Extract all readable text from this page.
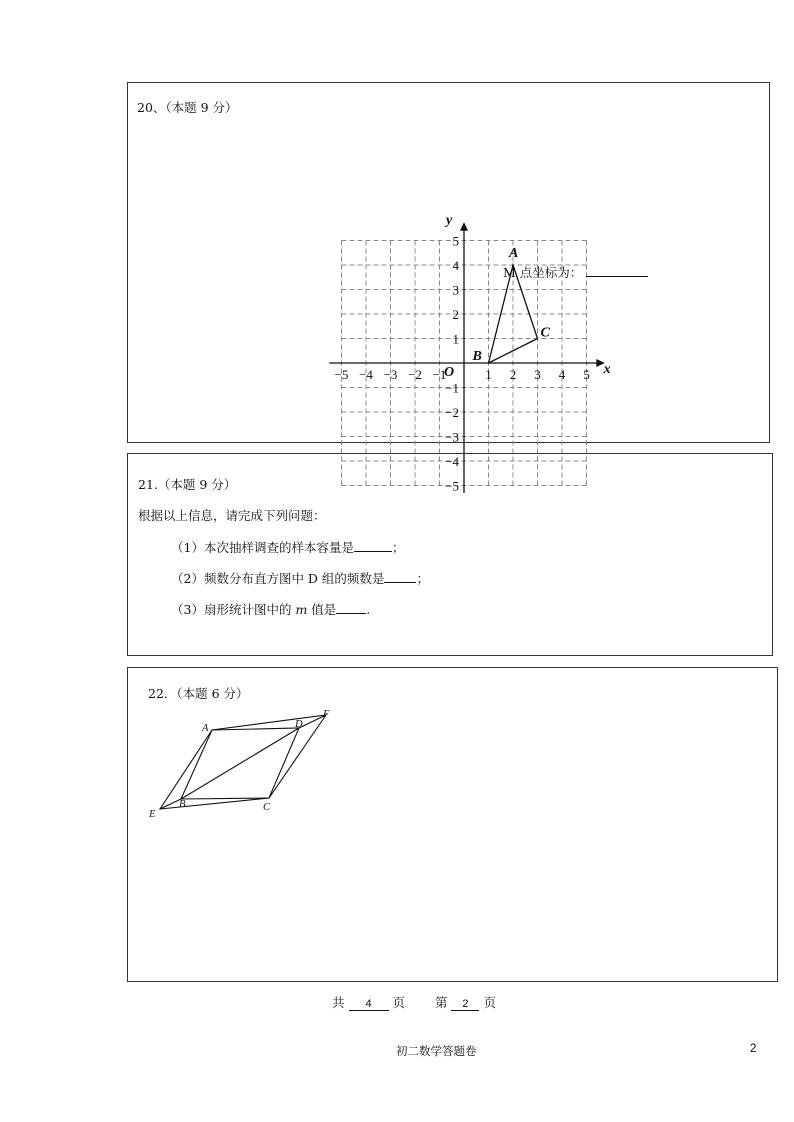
20、（本题 9 分）
x
y
O
−5 −4 −3 −2 −1	1 2 3 4 5
5
4
3
2
1
−1
−2
−3
−4
−5
A
B
C
M 点坐标为：
21.（本题 9 分）
根据以上信息，请完成下列问题：
（1）本次抽样调查的样本容量是	；
（2）频数分布直方图中 D 组的频数是	；
（3）扇形统计图中的 m 值是 .
22．（本题 6 分）
A	D
F
B	C
E
共 4 页 第 2 页
初二数学答题卷	2
